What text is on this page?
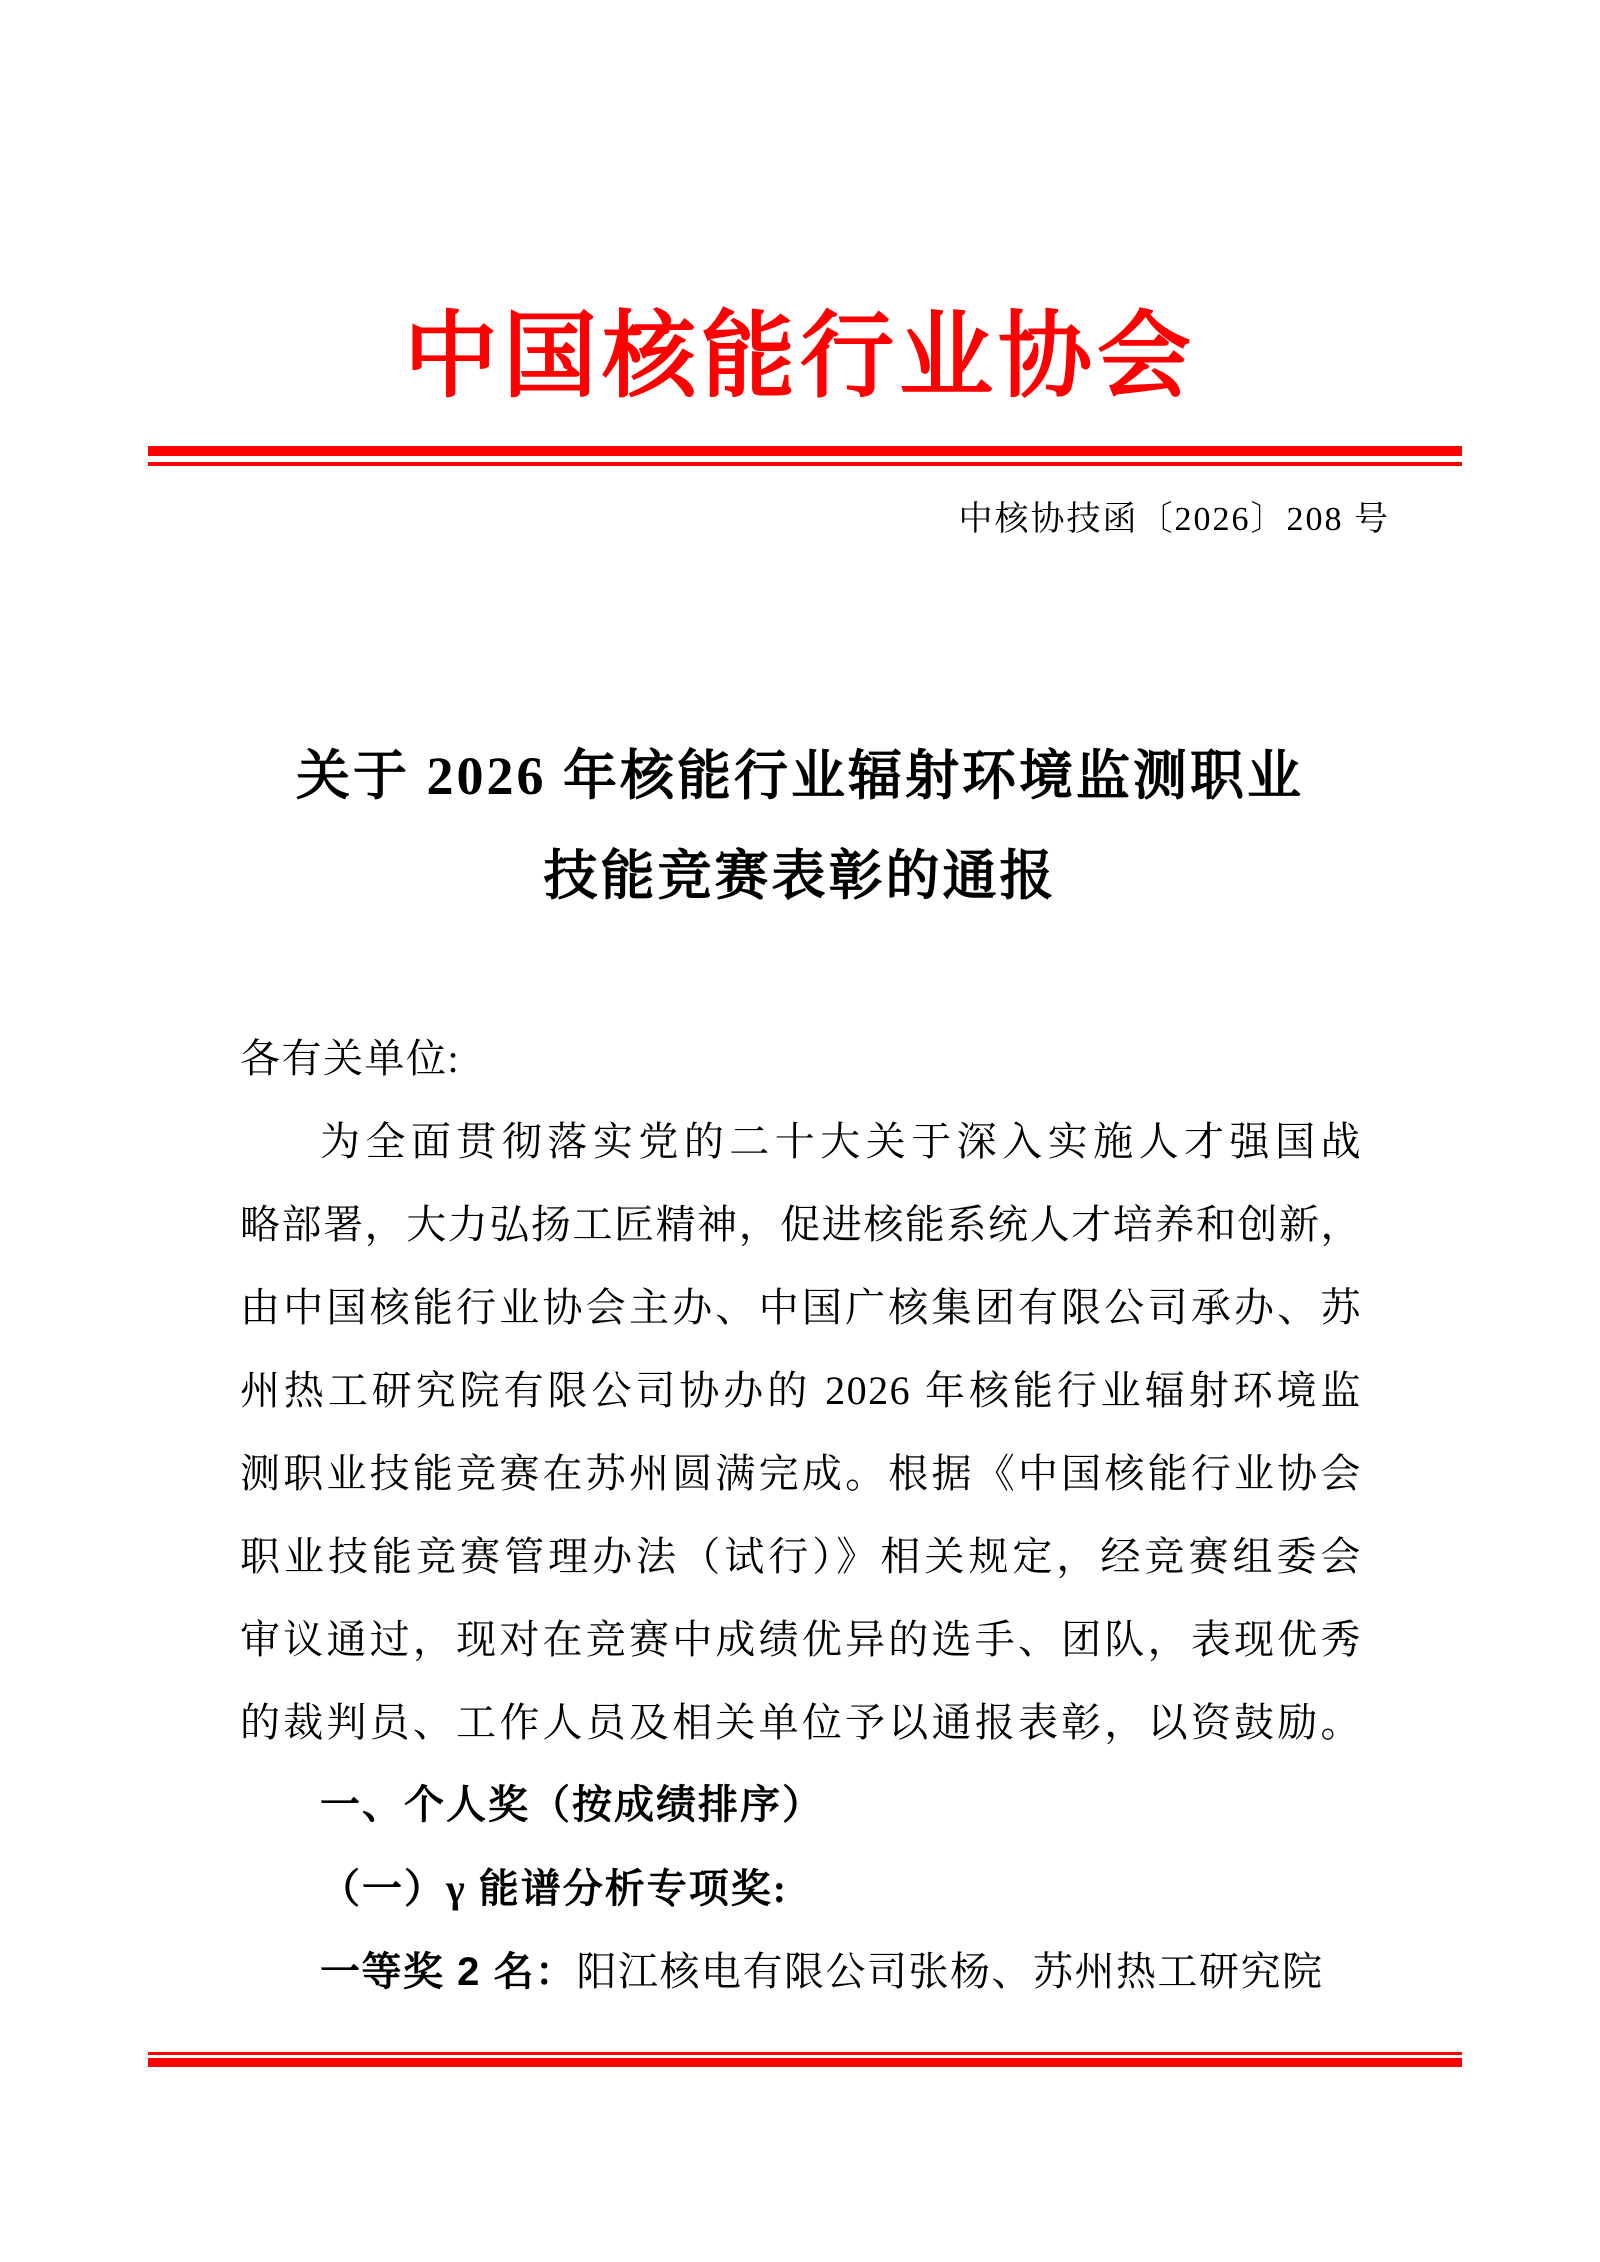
中国核能行业协会
中核协技函〔2026〕208 号
关于 2026 年核能行业辐射环境监测职业
技能竞赛表彰的通报
各有关单位:
为全面贯彻落实党的二十大关于深入实施人才强国战
略部署，大力弘扬工匠精神，促进核能系统人才培养和创新，
由中国核能行业协会主办、中国广核集团有限公司承办、苏
州热工研究院有限公司协办的 2026 年核能行业辐射环境监
测职业技能竞赛在苏州圆满完成。根据《中国核能行业协会
职业技能竞赛管理办法（试行）》相关规定，经竞赛组委会
审议通过，现对在竞赛中成绩优异的选手、团队，表现优秀
的裁判员、工作人员及相关单位予以通报表彰，以资鼓励。
一、个人奖（按成绩排序）
（一）γ 能谱分析专项奖:
一等奖 2 名：阳江核电有限公司张杨、苏州热工研究院
